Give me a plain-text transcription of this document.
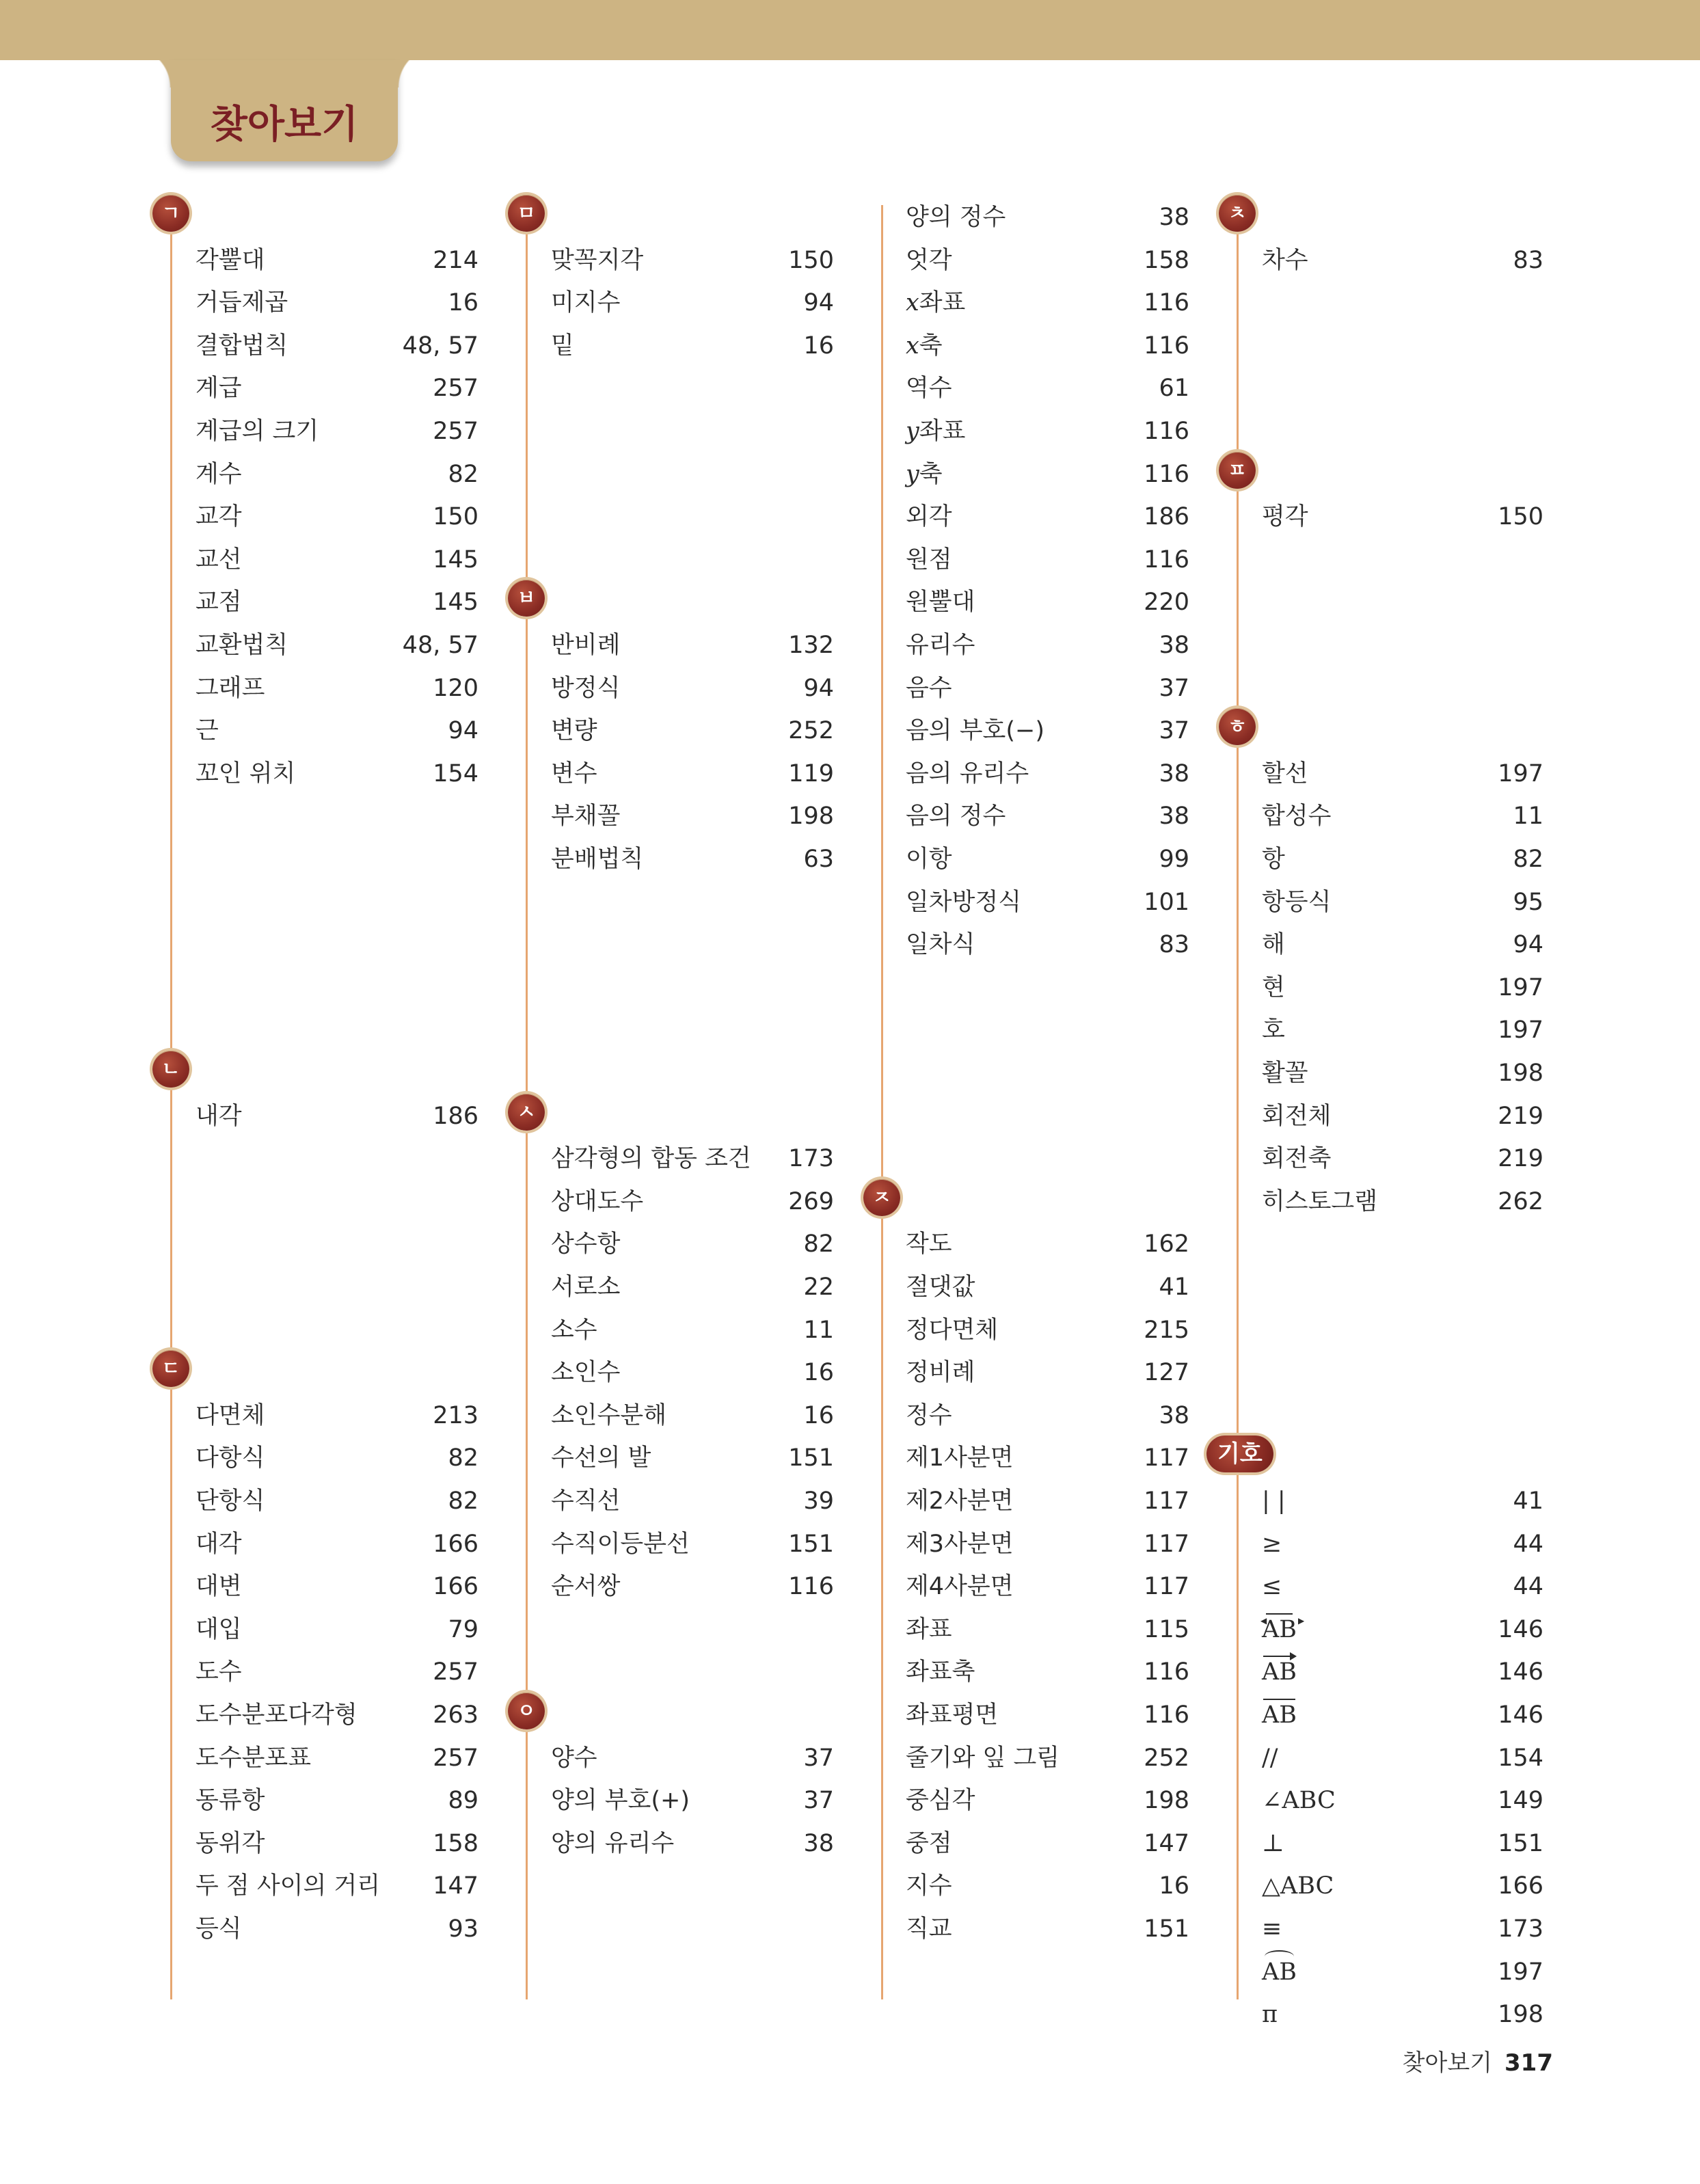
찾아보기
ㄱ
각뿔대	214
거듭제곱	16
결합법칙	48, 57
계급	257
계급의 크기	257
계수	82
교각	150
교선	145
교점	145
교환법칙	48, 57
그래프	120
근	94
꼬인 위치	154
ㄴ
내각	186
ㄷ
다면체	213
다항식	82
단항식	82
대각	166
대변	166
대입	79
도수	257
도수분포다각형	263
도수분포표	257
동류항	89
동위각	158
두 점 사이의 거리 147
등식	93
ㅁ
맞꼭지각	150
미지수	94
밑	16
ㅂ
반비례	132
방정식	94
변량	252
변수	119
부채꼴	198
분배법칙	63
ㅅ
삼각형의 합동 조건 173
상대도수	269
상수항	82
서로소	22
소수	11
소인수	16
소인수분해	16
수선의 발	151
수직선	39
수직이등분선	151
순서쌍	116
ㅇ
양수	37
양의 부호(+)	37
양의 유리수	38
양의 정수	38
엇각	158
x좌표	116
x축	116
역수	61
y좌표	116
y축	116
외각	186
원점	116
원뿔대	220
유리수	38
음수	37
음의 부호(−)	37
음의 유리수	38
음의 정수	38
이항	99
일차방정식	101
일차식	83
ㅈ
작도	162
절댓값	41
정다면체	215
정비례	127
정수	38
제1사분면	117
제2사분면	117
제3사분면	117
제4사분면	117
좌표	115
좌표축	116
좌표평면	116
줄기와 잎 그림	252
중심각	198
중점	147
지수	16
직교	151
ㅊ
차수	83
ㅍ
평각	150
ㅎ
할선	197
합성수	11
항	82
항등식	95
해	94
현	197
호	197
활꼴	198
회전체	219
회전축	219
히스토그램	262
기호
| |	41
≥	44
≤	44
AB ◀ ▶	146
AB	146
AB	146
//	154
∠ABC	149
⊥	151
△ABC	166
≡	173
AB	197
π	198
찾아보기 317
